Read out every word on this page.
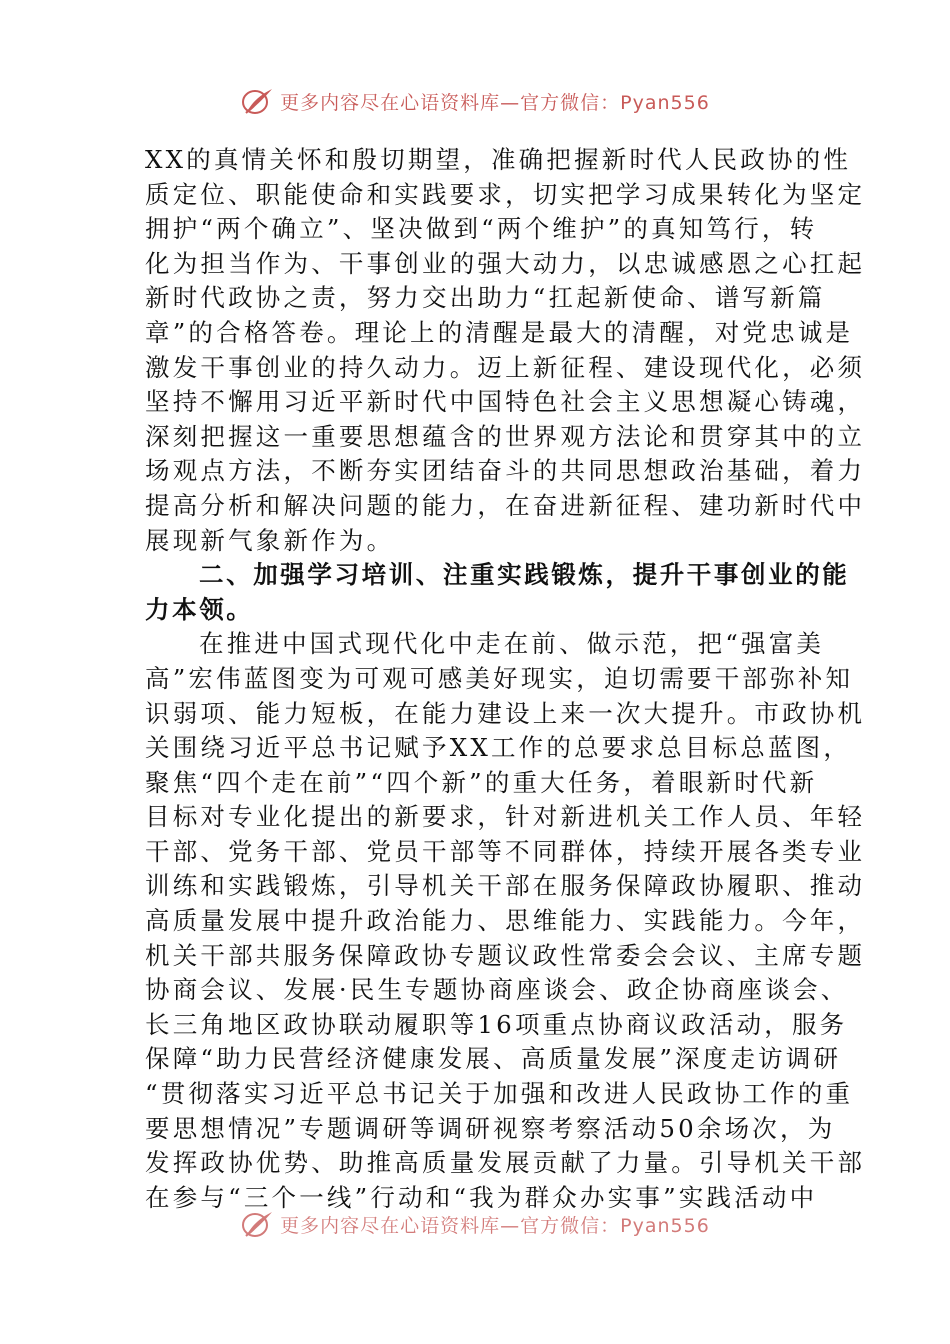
更多内容尽在心语资料库—官方微信：Pyan556

XX的真情关怀和殷切期望，准确把握新时代人民政协的性
质定位、职能使命和实践要求，切实把学习成果转化为坚定
拥护“两个确立”、坚决做到“两个维护”的真知笃行，转
化为担当作为、干事创业的强大动力，以忠诚感恩之心扛起
新时代政协之责，努力交出助力“扛起新使命、谱写新篇
章”的合格答卷。理论上的清醒是最大的清醒，对党忠诚是
激发干事创业的持久动力。迈上新征程、建设现代化，必须
坚持不懈用习近平新时代中国特色社会主义思想凝心铸魂，
深刻把握这一重要思想蕴含的世界观方法论和贯穿其中的立
场观点方法，不断夯实团结奋斗的共同思想政治基础，着力
提高分析和解决问题的能力，在奋进新征程、建功新时代中
展现新气象新作为。

二、加强学习培训、注重实践锻炼，提升干事创业的能
力本领。

在推进中国式现代化中走在前、做示范，把“强富美
高”宏伟蓝图变为可观可感美好现实，迫切需要干部弥补知
识弱项、能力短板，在能力建设上来一次大提升。市政协机
关围绕习近平总书记赋予XX工作的总要求总目标总蓝图，
聚焦“四个走在前”“四个新”的重大任务，着眼新时代新
目标对专业化提出的新要求，针对新进机关工作人员、年轻
干部、党务干部、党员干部等不同群体，持续开展各类专业
训练和实践锻炼，引导机关干部在服务保障政协履职、推动
高质量发展中提升政治能力、思维能力、实践能力。今年，
机关干部共服务保障政协专题议政性常委会会议、主席专题
协商会议、发展·民生专题协商座谈会、政企协商座谈会、
长三角地区政协联动履职等16项重点协商议政活动，服务
保障“助力民营经济健康发展、高质量发展”深度走访调研
“贯彻落实习近平总书记关于加强和改进人民政协工作的重
要思想情况”专题调研等调研视察考察活动50余场次，为
发挥政协优势、助推高质量发展贡献了力量。引导机关干部
在参与“三个一线”行动和“我为群众办实事”实践活动中

更多内容尽在心语资料库—官方微信：Pyan556
